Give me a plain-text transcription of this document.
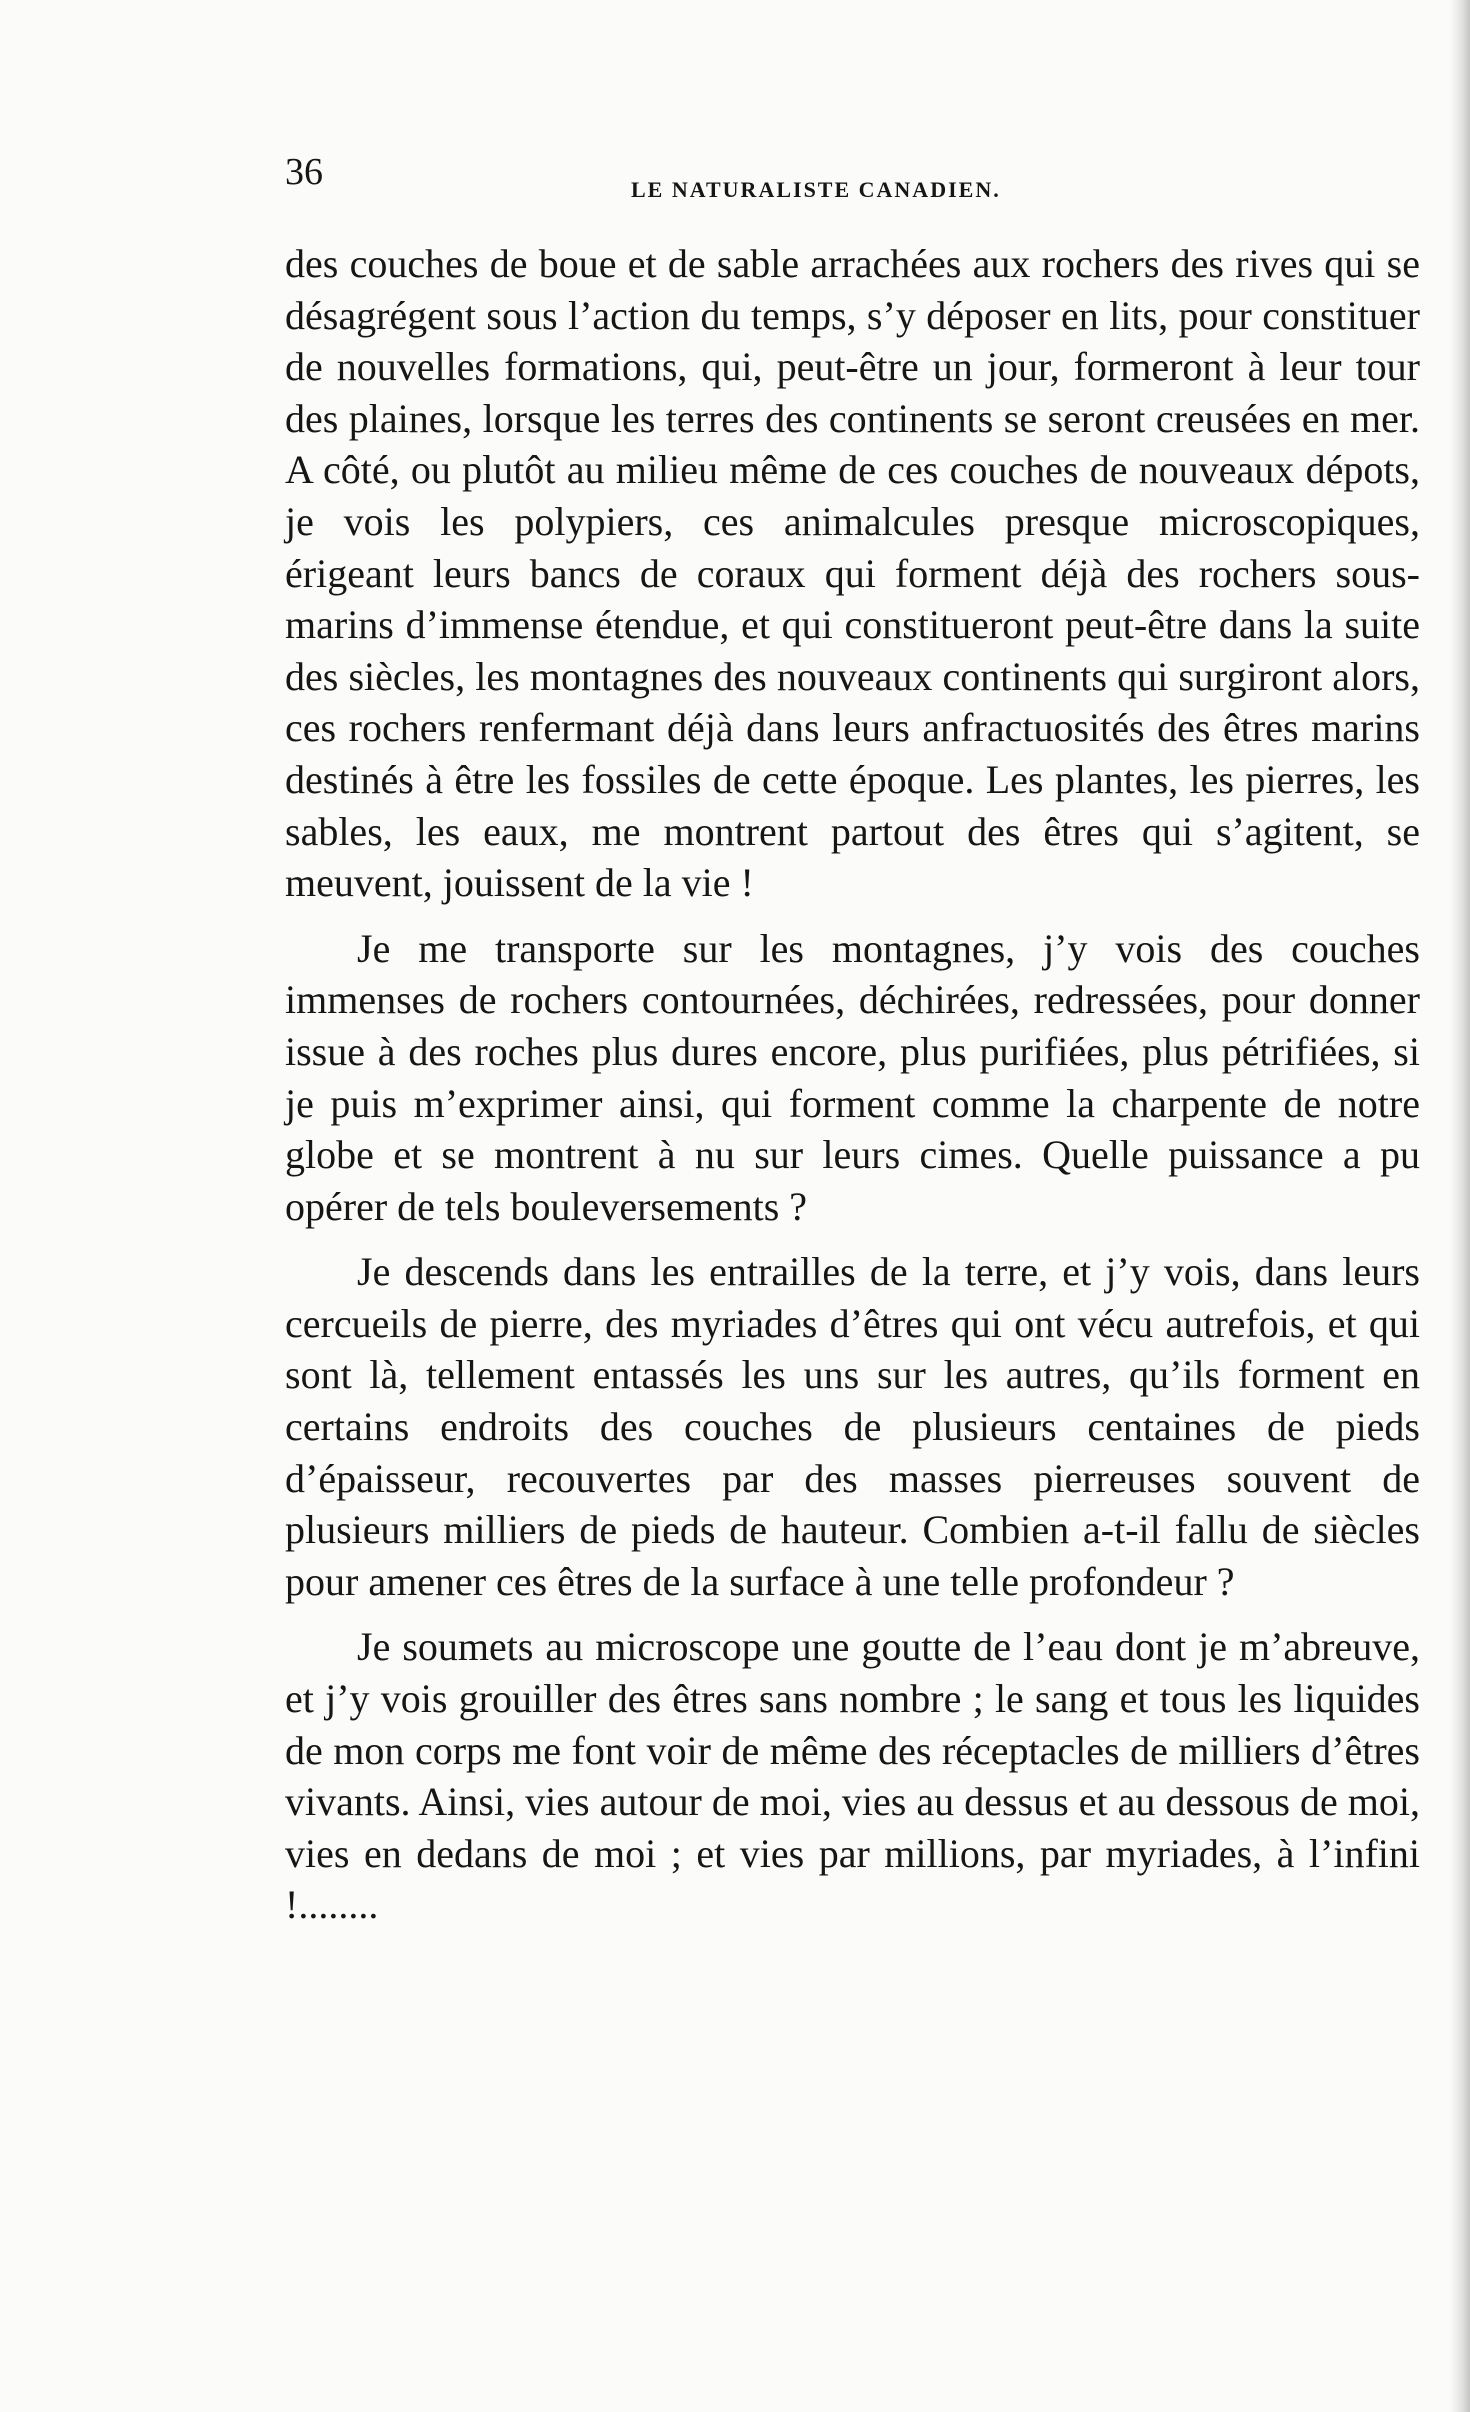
36	LE NATURALISTE CANADIEN.

des couches de boue et de sable arrachées aux rochers des rives qui se désagrégent sous l’action du temps, s’y déposer en lits, pour constituer de nouvelles formations, qui, peut-être un jour, formeront à leur tour des plaines, lorsque les terres des continents se seront creusées en mer. A côté, ou plutôt au milieu même de ces couches de nouveaux dépots, je vois les polypiers, ces animalcules presque microscopiques, érigeant leurs bancs de coraux qui forment déjà des rochers sous-marins d’immense étendue, et qui constitueront peut-être dans la suite des siècles, les montagnes des nouveaux continents qui surgiront alors, ces rochers renfermant déjà dans leurs anfractuosités des êtres marins destinés à être les fossiles de cette époque. Les plantes, les pierres, les sables, les eaux, me montrent partout des êtres qui s’agitent, se meuvent, jouissent de la vie !

Je me transporte sur les montagnes, j’y vois des couches immenses de rochers contournées, déchirées, redressées, pour donner issue à des roches plus dures encore, plus purifiées, plus pétrifiées, si je puis m’exprimer ainsi, qui forment comme la charpente de notre globe et se montrent à nu sur leurs cimes. Quelle puissance a pu opérer de tels bouleversements ?

Je descends dans les entrailles de la terre, et j’y vois, dans leurs cercueils de pierre, des myriades d’êtres qui ont vécu autrefois, et qui sont là, tellement entassés les uns sur les autres, qu’ils forment en certains endroits des couches de plusieurs centaines de pieds d’épaisseur, recouvertes par des masses pierreuses souvent de plusieurs milliers de pieds de hauteur. Combien a-t-il fallu de siècles pour amener ces êtres de la surface à une telle profondeur ?

Je soumets au microscope une goutte de l’eau dont je m’abreuve, et j’y vois grouiller des êtres sans nombre ; le sang et tous les liquides de mon corps me font voir de même des réceptacles de milliers d’êtres vivants. Ainsi, vies autour de moi, vies au dessus et au dessous de moi, vies en dedans de moi ; et vies par millions, par myriades, à l’infini !........
